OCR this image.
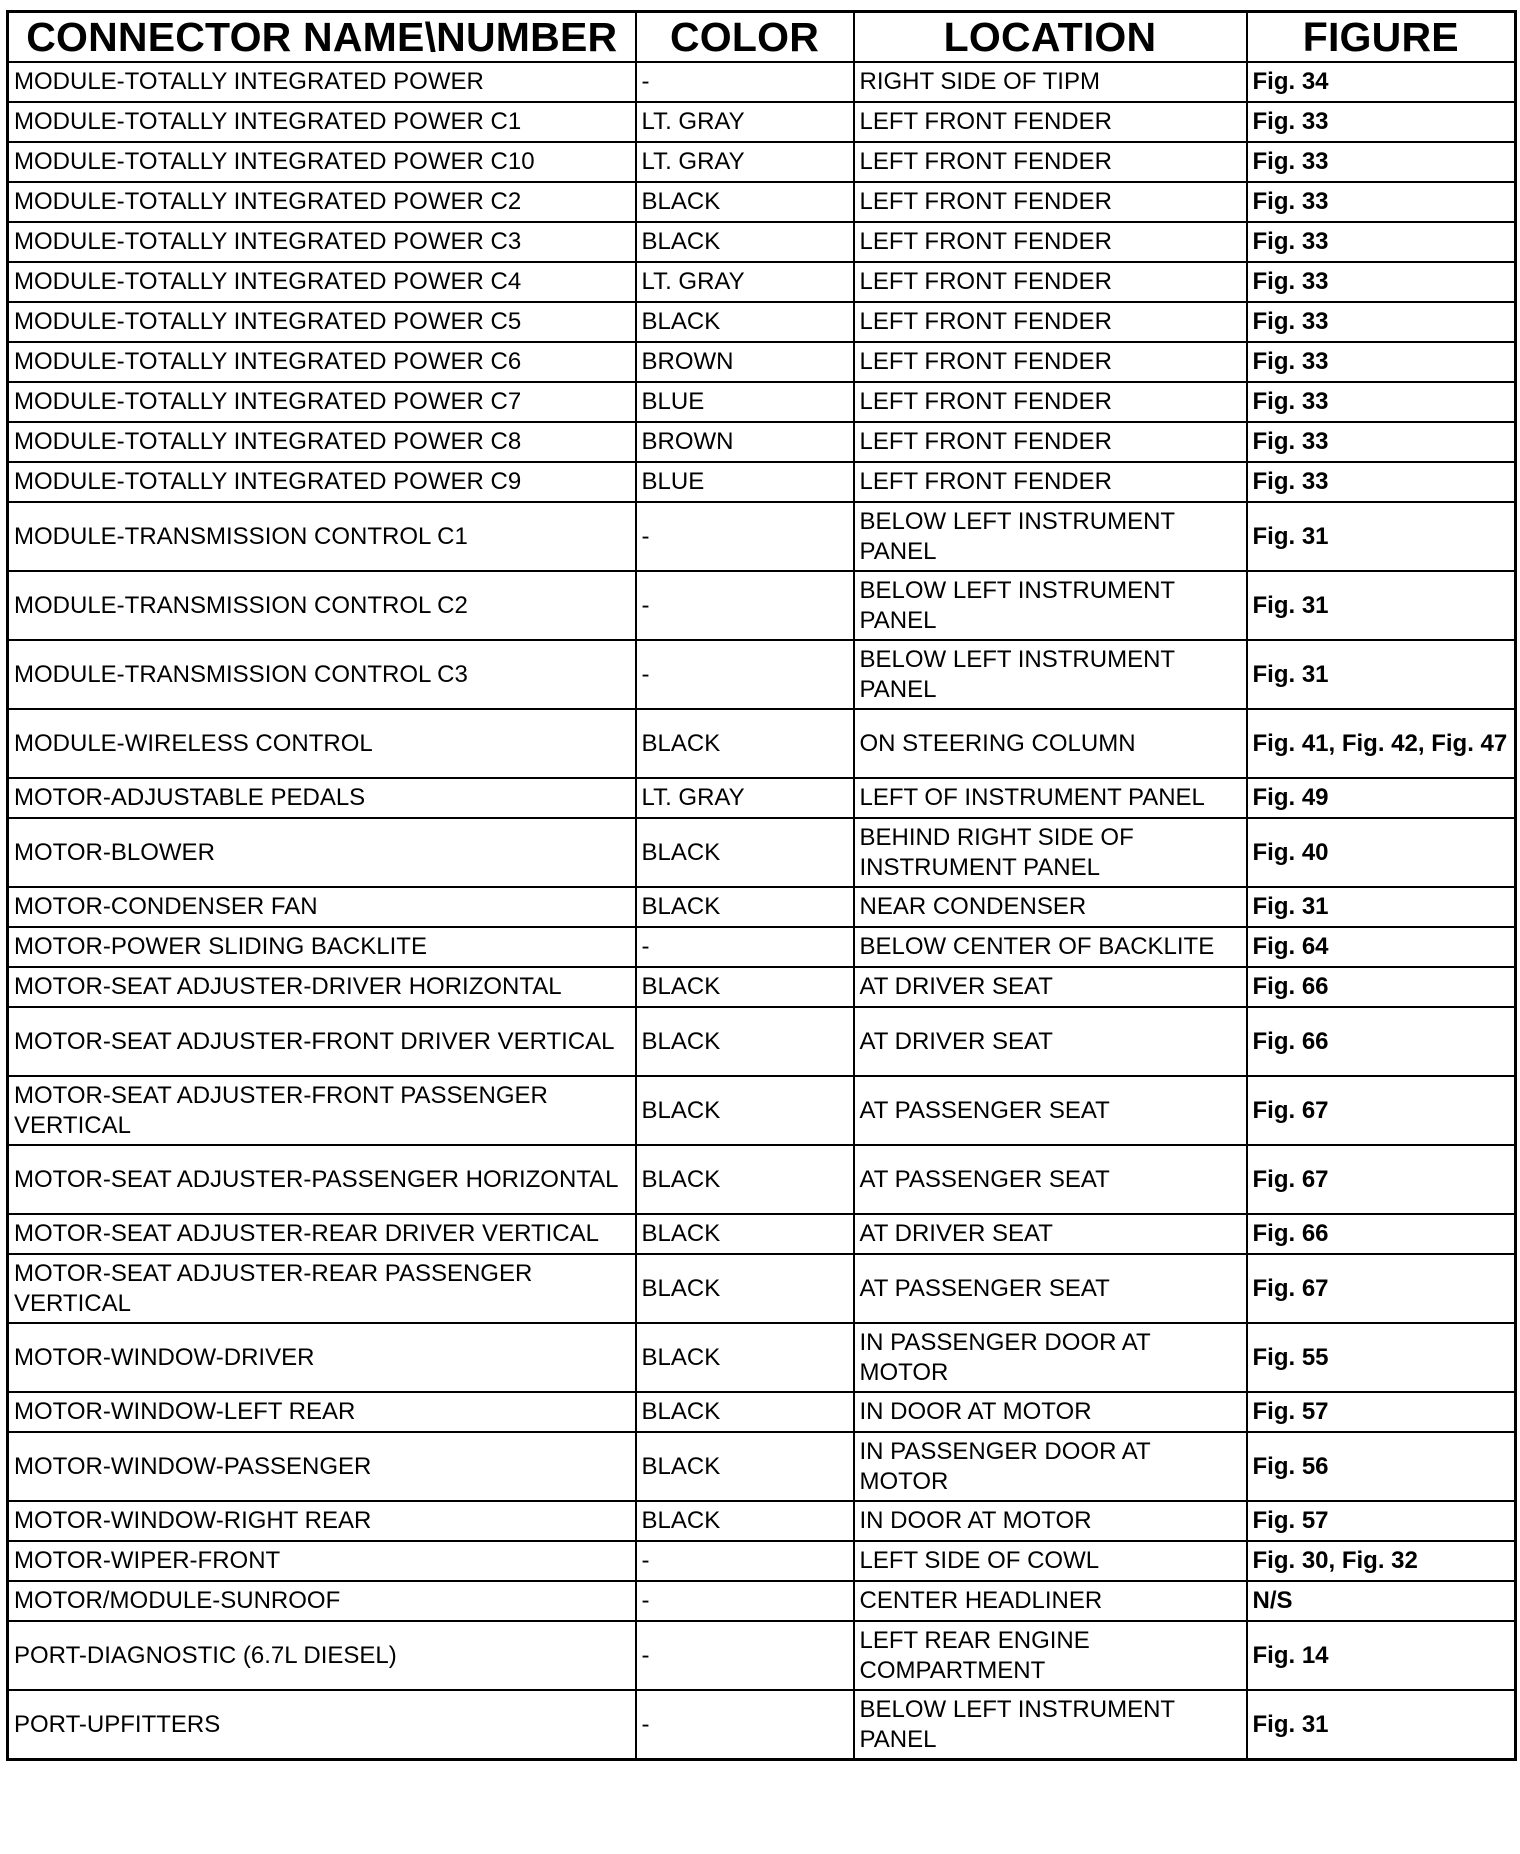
CONNECTOR NAME\NUMBER	COLOR	LOCATION	FIGURE
MODULE-TOTALLY INTEGRATED POWER	-	RIGHT SIDE OF TIPM	Fig. 34
MODULE-TOTALLY INTEGRATED POWER C1	LT. GRAY	LEFT FRONT FENDER	Fig. 33
MODULE-TOTALLY INTEGRATED POWER C10	LT. GRAY	LEFT FRONT FENDER	Fig. 33
MODULE-TOTALLY INTEGRATED POWER C2	BLACK	LEFT FRONT FENDER	Fig. 33
MODULE-TOTALLY INTEGRATED POWER C3	BLACK	LEFT FRONT FENDER	Fig. 33
MODULE-TOTALLY INTEGRATED POWER C4	LT. GRAY	LEFT FRONT FENDER	Fig. 33
MODULE-TOTALLY INTEGRATED POWER C5	BLACK	LEFT FRONT FENDER	Fig. 33
MODULE-TOTALLY INTEGRATED POWER C6	BROWN	LEFT FRONT FENDER	Fig. 33
MODULE-TOTALLY INTEGRATED POWER C7	BLUE	LEFT FRONT FENDER	Fig. 33
MODULE-TOTALLY INTEGRATED POWER C8	BROWN	LEFT FRONT FENDER	Fig. 33
MODULE-TOTALLY INTEGRATED POWER C9	BLUE	LEFT FRONT FENDER	Fig. 33
MODULE-TRANSMISSION CONTROL C1	-	BELOW LEFT INSTRUMENT PANEL	Fig. 31
MODULE-TRANSMISSION CONTROL C2	-	BELOW LEFT INSTRUMENT PANEL	Fig. 31
MODULE-TRANSMISSION CONTROL C3	-	BELOW LEFT INSTRUMENT PANEL	Fig. 31
MODULE-WIRELESS CONTROL	BLACK	ON STEERING COLUMN	Fig. 41, Fig. 42, Fig. 47
MOTOR-ADJUSTABLE PEDALS	LT. GRAY	LEFT OF INSTRUMENT PANEL	Fig. 49
MOTOR-BLOWER	BLACK	BEHIND RIGHT SIDE OF INSTRUMENT PANEL	Fig. 40
MOTOR-CONDENSER FAN	BLACK	NEAR CONDENSER	Fig. 31
MOTOR-POWER SLIDING BACKLITE	-	BELOW CENTER OF BACKLITE	Fig. 64
MOTOR-SEAT ADJUSTER-DRIVER HORIZONTAL	BLACK	AT DRIVER SEAT	Fig. 66
MOTOR-SEAT ADJUSTER-FRONT DRIVER VERTICAL	BLACK	AT DRIVER SEAT	Fig. 66
MOTOR-SEAT ADJUSTER-FRONT PASSENGER VERTICAL	BLACK	AT PASSENGER SEAT	Fig. 67
MOTOR-SEAT ADJUSTER-PASSENGER HORIZONTAL	BLACK	AT PASSENGER SEAT	Fig. 67
MOTOR-SEAT ADJUSTER-REAR DRIVER VERTICAL	BLACK	AT DRIVER SEAT	Fig. 66
MOTOR-SEAT ADJUSTER-REAR PASSENGER VERTICAL	BLACK	AT PASSENGER SEAT	Fig. 67
MOTOR-WINDOW-DRIVER	BLACK	IN PASSENGER DOOR AT MOTOR	Fig. 55
MOTOR-WINDOW-LEFT REAR	BLACK	IN DOOR AT MOTOR	Fig. 57
MOTOR-WINDOW-PASSENGER	BLACK	IN PASSENGER DOOR AT MOTOR	Fig. 56
MOTOR-WINDOW-RIGHT REAR	BLACK	IN DOOR AT MOTOR	Fig. 57
MOTOR-WIPER-FRONT	-	LEFT SIDE OF COWL	Fig. 30, Fig. 32
MOTOR/MODULE-SUNROOF	-	CENTER HEADLINER	N/S
PORT-DIAGNOSTIC (6.7L DIESEL)	-	LEFT REAR ENGINE COMPARTMENT	Fig. 14
PORT-UPFITTERS	-	BELOW LEFT INSTRUMENT PANEL	Fig. 31
